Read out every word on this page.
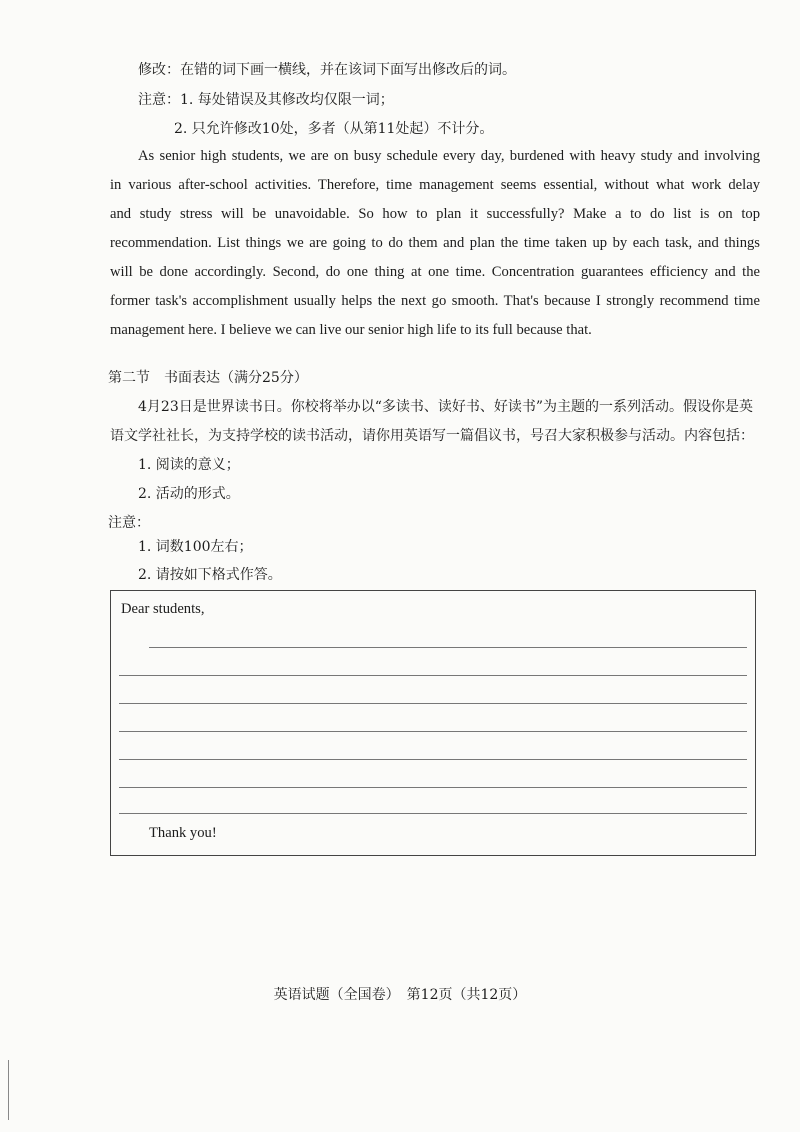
修改：在错的词下画一横线，并在该词下面写出修改后的词。
注意：1. 每处错误及其修改均仅限一词；
2. 只允许修改10处，多者（从第11处起）不计分。
As senior high students, we are on busy schedule every day, burdened with heavy study and involving
in various after-school activities. Therefore, time management seems essential, without what work delay
and study stress will be unavoidable. So how to plan it successfully? Make a to do list is on top
recommendation. List things we are going to do them and plan the time taken up by each task, and things
will be done accordingly. Second, do one thing at one time. Concentration guarantees efficiency and the
former task's accomplishment usually helps the next go smooth. That's because I strongly recommend time
management here. I believe we can live our senior high life to its full because that.
第二节　书面表达（满分25分）
4月23日是世界读书日。你校将举办以“多读书、读好书、好读书”为主题的一系列活动。假设你是英
语文学社社长，为支持学校的读书活动，请你用英语写一篇倡议书，号召大家积极参与活动。内容包括：
1. 阅读的意义；
2. 活动的形式。
注意：
1. 词数100左右；
2. 请按如下格式作答。
Dear students,
Thank you!
英语试题（全国卷）　第12页（共12页）
